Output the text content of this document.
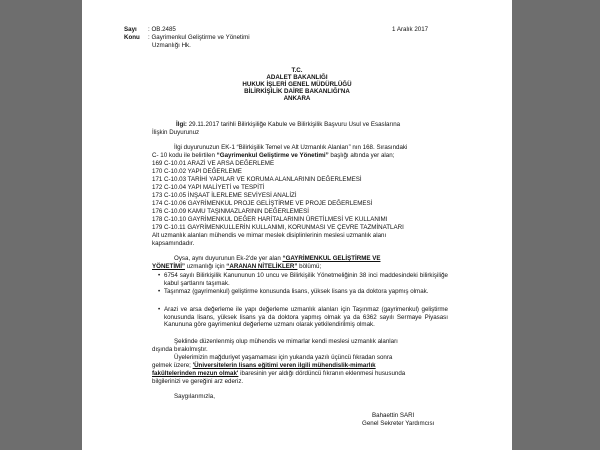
Sayı : OB.2485	1 Aralık 2017
Konu : Gayrimenkul Geliştirme ve Yönetimi
Uzmanlığı Hk.
T.C.
ADALET BAKANLIĞI
HUKUK İŞLERİ GENEL MÜDÜRLÜĞÜ
BİLİRKİŞİLİK DAİRE BAKANLIĞI'NA
ANKARA
İlgi: 29.11.2017 tarihli Bilirkişiliğe Kabule ve Bilirkişilik Başvuru Usul ve Esaslarına
İlişkin Duyurunuz
İlgi duyurunuzun EK-1 “Bilirkişilik Temel ve Alt Uzmanlık Alanları” nın 168. Sırasındaki
C- 10 kodu ile belirtilen “Gayrimenkul Geliştirme ve Yönetimi” başlığı altında yer alan;
169 C-10.01 ARAZİ VE ARSA DEĞERLEME
170 C-10.02 YAPI DEĞERLEME
171 C-10.03 TARİHİ YAPILAR VE KORUMA ALANLARININ DEĞERLEMESİ
172 C-10.04 YAPI MALİYETİ ve TESPİTİ
173 C-10.05 İNŞAAT İLERLEME SEVİYESİ ANALİZİ
174 C-10.06 GAYRİMENKUL PROJE GELİŞTİRME VE PROJE DEĞERLEMESİ
176 C-10.09 KAMU TAŞINMAZLARININ DEĞERLEMESİ
178 C-10.10 GAYRİMENKUL DEĞER HARİTALARININ ÜRETİLMESİ VE KULLANIMI
179 C-10.11 GAYRİMENKULLERİN KULLANIMI, KORUNMASI VE ÇEVRE TAZMİNATLARI
Alt uzmanlık alanları mühendis ve mimar meslek disiplinlerinin meslesi uzmanlık alanı
kapsamındadır.
Oysa, aynı duyurunun Ek-2'de yer alan “GAYRİMENKUL GELİŞTİRME VE
YÖNETİMİ” uzmanlığı için “ARANAN NİTELİKLER” bölümü;
• 6754 sayılı Bilirkişilik Kanununun 10 uncu ve Bilirkişilik Yönetmeliğinin 38 inci maddesindeki bilirkişiliğe kabul şartlarını taşımak.
• Taşınmaz (gayrimenkul) geliştirme konusunda lisans, yüksek lisans ya da doktora yapmış olmak.
• Arazi ve arsa değerleme ile yapı değerleme uzmanlık alanları için Taşınmaz (gayrimenkul) geliştirme konusunda lisans, yüksek lisans ya da doktora yapmış olmak ya da 6362 sayılı Sermaye Piyasası Kanununa göre gayrimenkul değerleme uzmanı olarak yetkilendirilmiş olmak.
Şeklinde düzenlenmiş olup mühendis ve mimarlar kendi meslesi uzmanlık alanları
dışında bırakılmıştır.
Üyelerimizin mağduriyet yaşamaması için yukarıda yazılı üçüncü fıkradan sonra
gelmek üzere; 'Üniversitelerin lisans eğitimi veren ilgili mühendislik-mimarlık
fakültelerinden mezun olmak' ibaresinin yer aldığı dördüncü fıkranın eklenmesi hususunda
bilgilerinizi ve gereğini arz ederiz.
Saygılarımızla,
Bahaettin SARI
Genel Sekreter Yardımcısı
